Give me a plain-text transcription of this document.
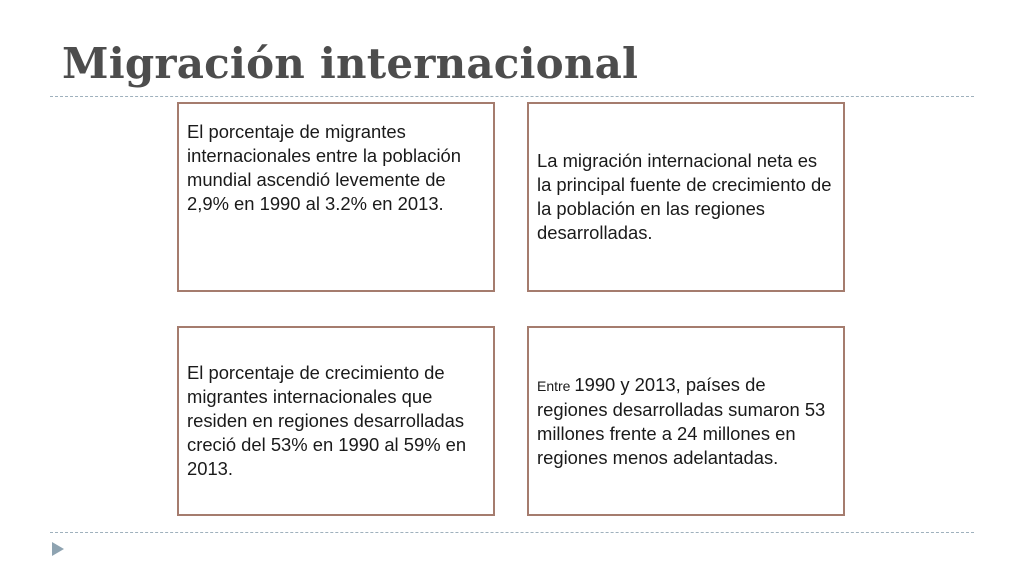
Migración internacional

El porcentaje de migrantes internacionales entre la población mundial ascendió levemente de 2,9% en 1990 al 3.2% en 2013.

La migración internacional neta es la principal fuente de crecimiento de la población en las regiones desarrolladas.

El porcentaje de crecimiento de migrantes internacionales que residen en regiones desarrolladas creció del 53% en 1990 al 59% en 2013.

Entre 1990 y 2013, países de regiones desarrolladas sumaron 53 millones frente a 24 millones en regiones menos adelantadas.
